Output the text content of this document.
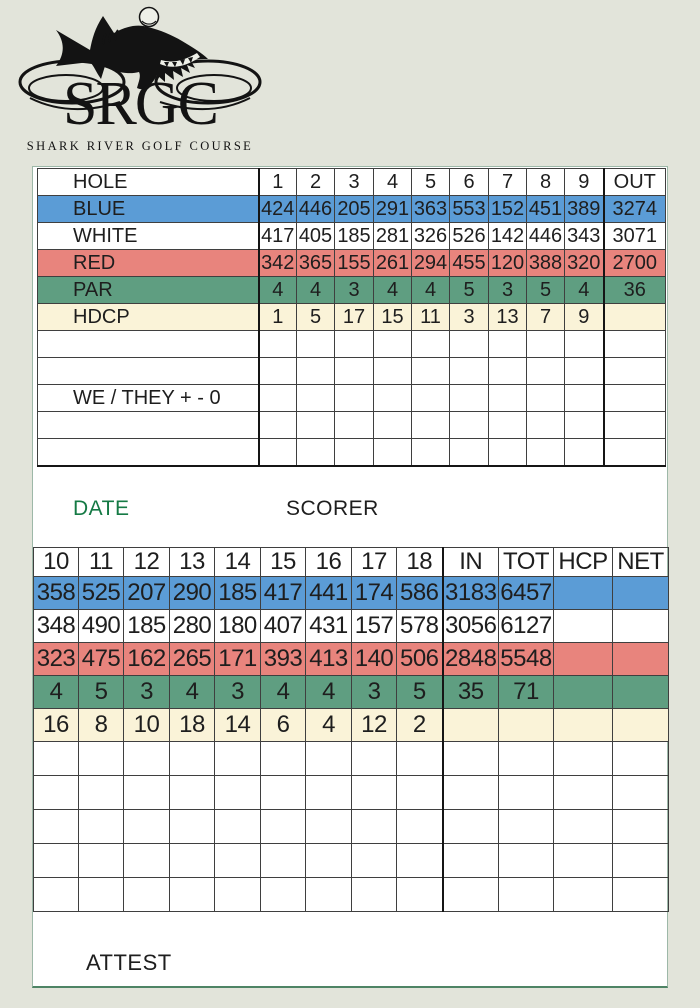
SRGC
SHARK RIVER GOLF COURSE
HOLE	1	2	3	4	5	6	7	8	9	OUT
BLUE	424	446	205	291	363	553	152	451	389	3274
WHITE	417	405	185	281	326	526	142	446	343	3071
RED	342	365	155	261	294	455	120	388	320	2700
PAR	4	4	3	4	4	5	3	5	4	36
HDCP	1	5	17	15	11	3	13	7	9	

WE / THEY + - 0										

DATE	SCORER
10	11	12	13	14	15	16	17	18	IN	TOT	HCP	NET
358	525	207	290	185	417	441	174	586	3183	6457		
348	490	185	280	180	407	431	157	578	3056	6127		
323	475	162	265	171	393	413	140	506	2848	5548		
4	5	3	4	3	4	4	3	5	35	71		
16	8	10	18	14	6	4	12	2				

ATTEST
